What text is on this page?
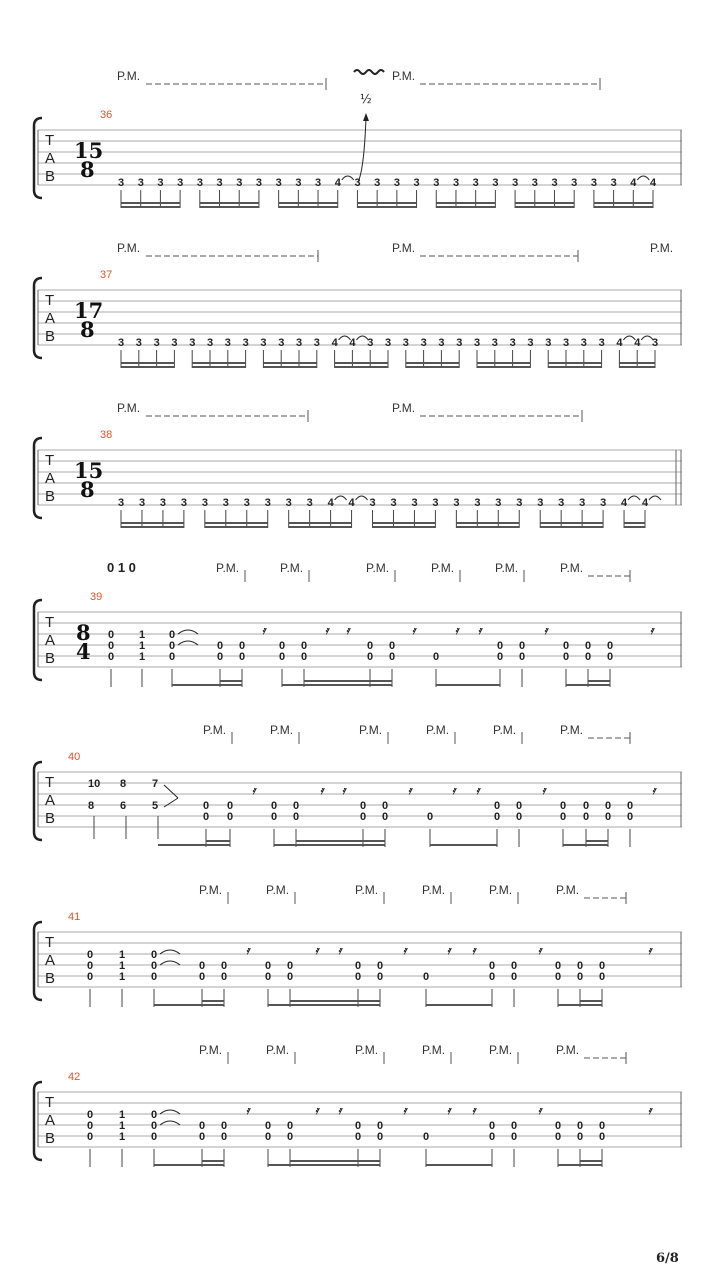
P.M.	P.M.
½
36
T
A
B
15
8
3 3 3 3 3 3 3 3 3 3 3 4 3 3 3 3 3 3 3 3 3 3 3 3 3 3 4 4
P.M.	P.M.	P.M.
37
T
A
B
17
8
3 3 3 3 3 3 3 3 3 3 3 3 4 4 3 3 3 3 3 3 3 3 3 3 3 3 3 3 4 4 3
P.M.	P.M.
38
T
A
B
15
8
3 3 3 3 3 3 3 3 3 3 4 4 3 3 3 3 3 3 3 3 3 3 3 3 4 4
0 1 0	P.M.	P.M.	P.M.	P.M.	P.M.	P.M.
39
T
A
B
8
4
0
0
0
1
1
1
0
0
0
0
0
0
0
0
0
0
0
0
0
0
0	0
0
0
0
0
0
0
0
0
0
0
𝄿	𝄿 𝄿	𝄿	𝄿 𝄿	𝄿	𝄿
P.M.	P.M.	P.M.	P.M.	P.M.	P.M.
40
T
A
B
10
8
8
6
7
5	0
0
0
0
0
0
0
0
0
0
0
0	0
0
0
0
0
0
0
0
0
0
0
0
0
𝄿	𝄿 𝄿	𝄿	𝄿 𝄿	𝄿	𝄿
P.M.	P.M.	P.M.	P.M.	P.M.	P.M.
41
T
A
B
0
0
0
1
1
1
0
0
0
0
0
0
0
0
0
0
0
0
0
0
0	0
0
0
0
0
0
0
0
0
0
0
𝄿	𝄿 𝄿	𝄿	𝄿 𝄿	𝄿	𝄿
P.M.	P.M.	P.M.	P.M.	P.M.	P.M.
42
T
A
B
0
0
0
1
1
1
0
0
0
0
0
0
0
0
0
0
0
0
0
0
0	0
0
0
0
0
0
0
0
0
0
0
𝄿	𝄿 𝄿	𝄿	𝄿 𝄿	𝄿	𝄿
6/8
